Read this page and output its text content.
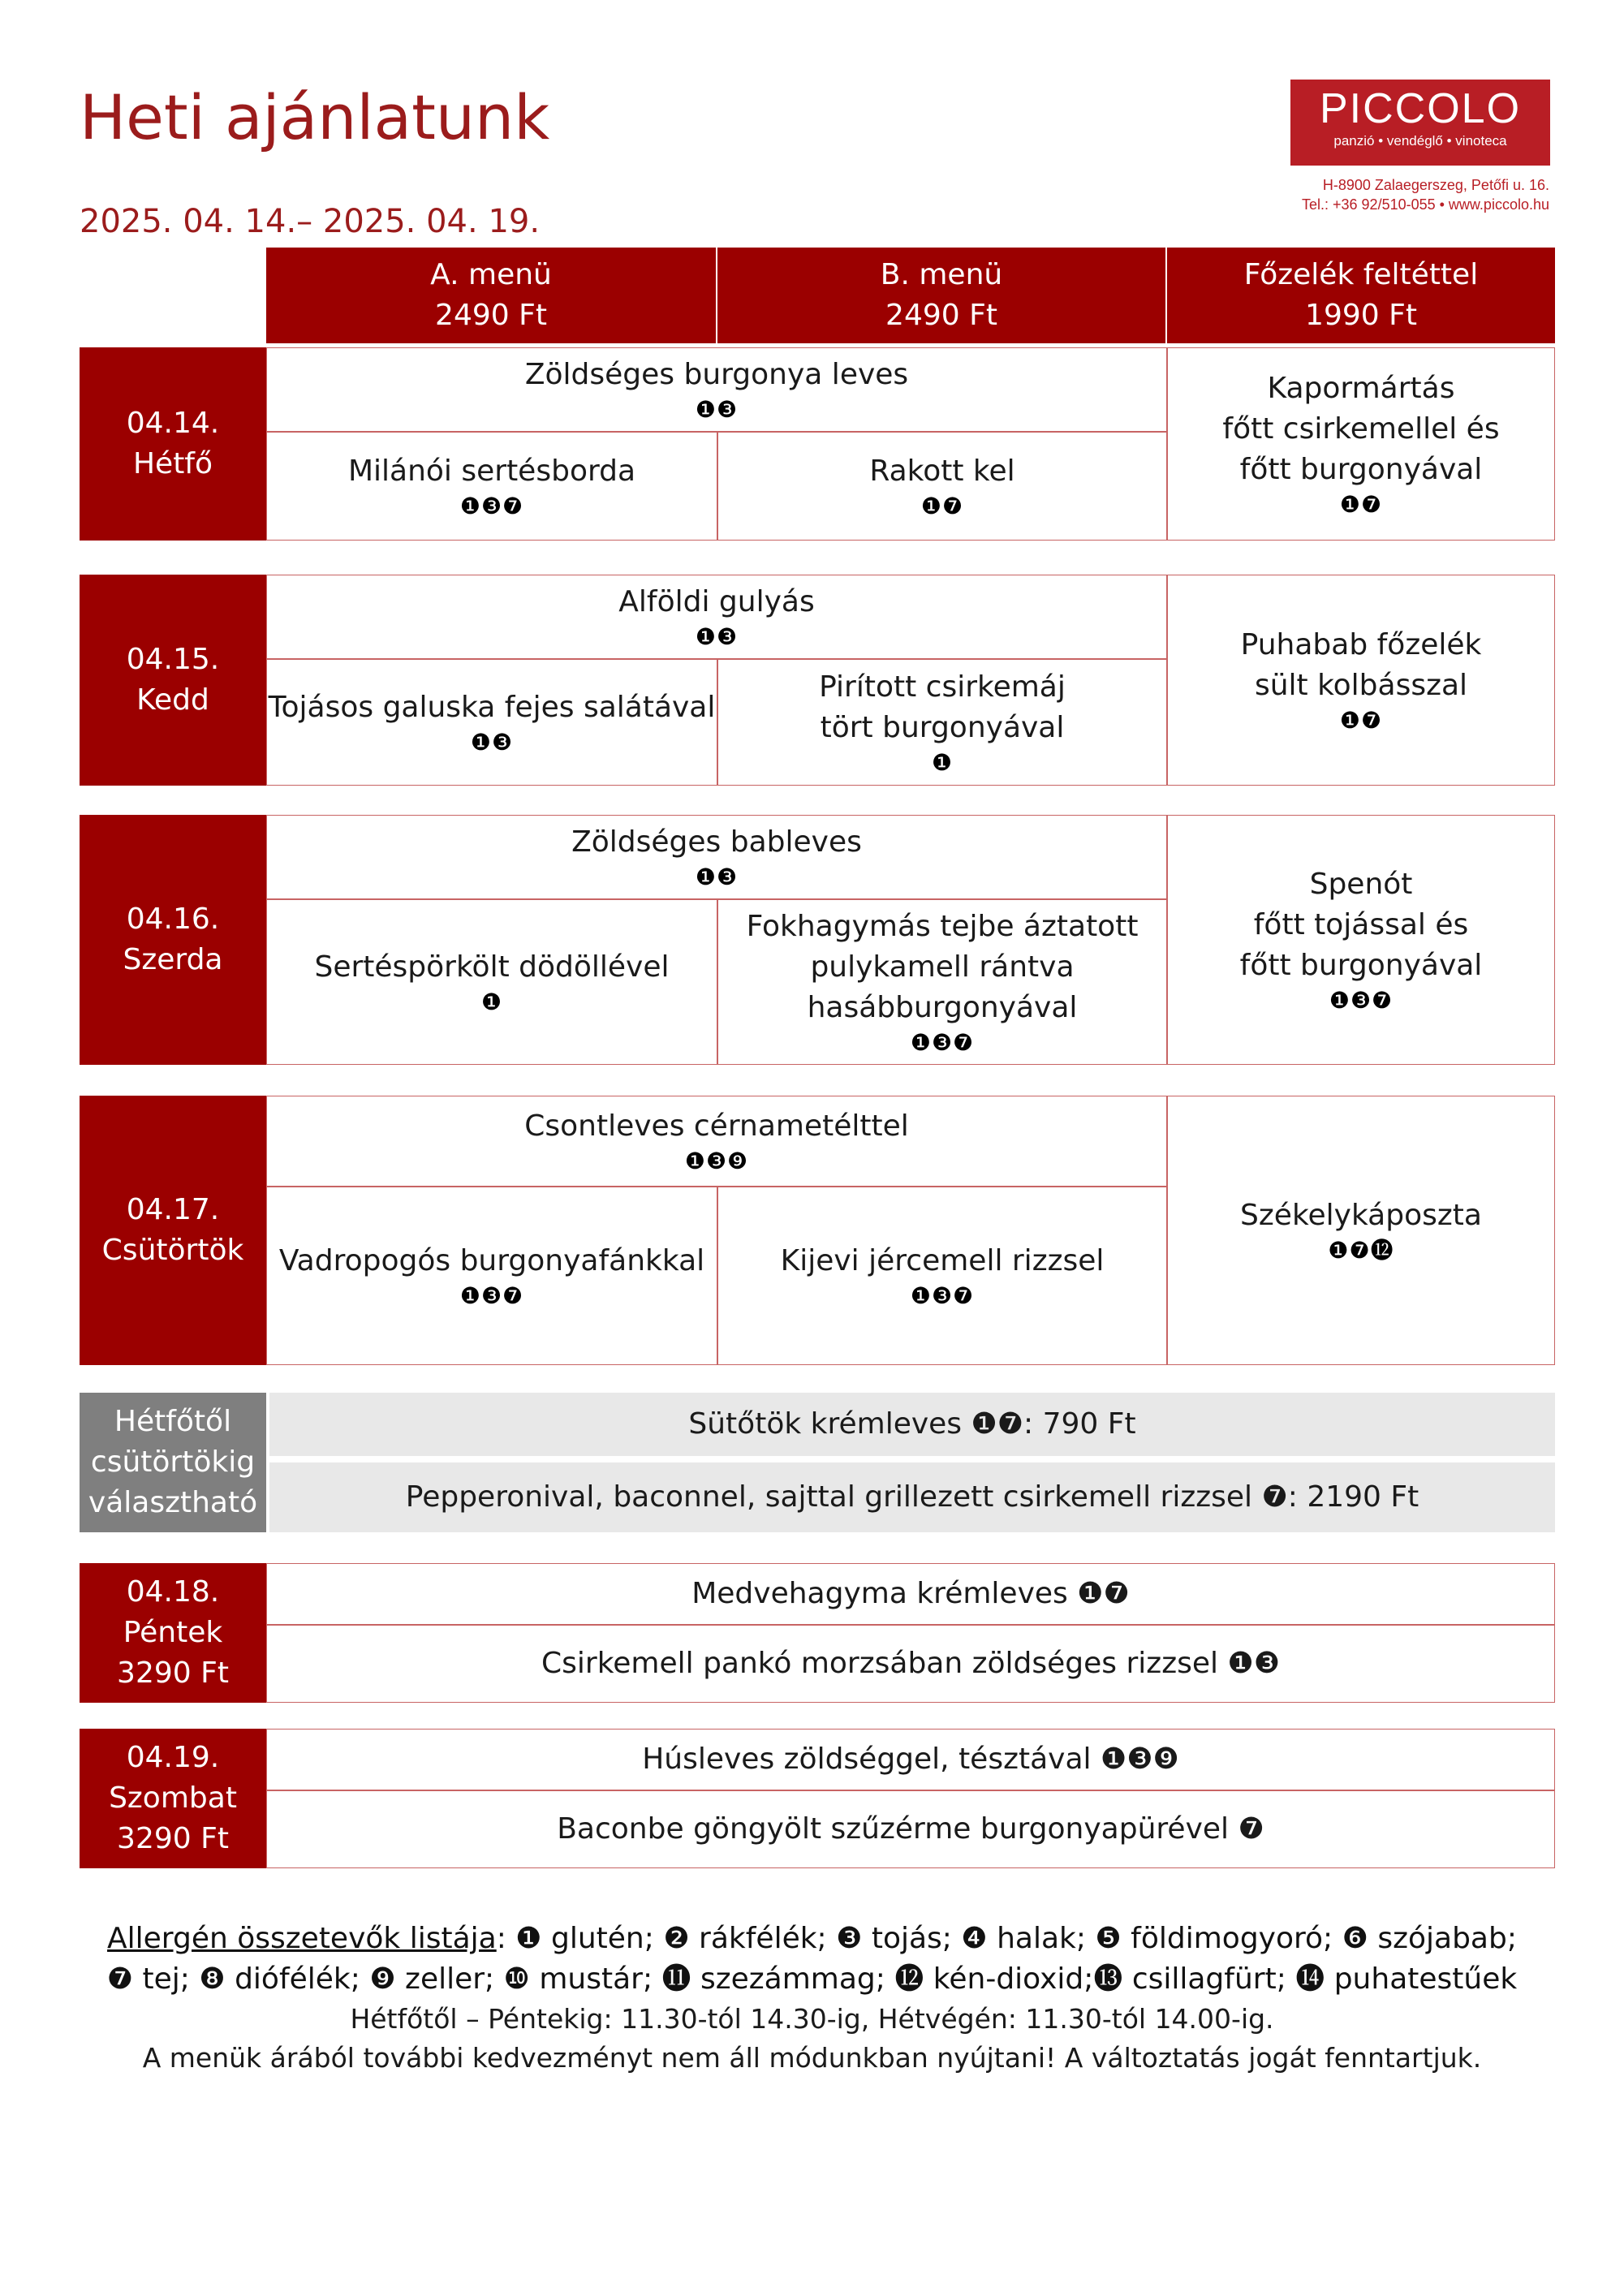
Heti ajánlatunk
2025. 04. 14.– 2025. 04. 19.
PICCOLO
panzió • vendéglő • vinoteca
H-8900 Zalaegerszeg, Petőfi u. 16.
Tel.: +36 92/510-055 • www.piccolo.hu
A. menü
2490 Ft
B. menü
2490 Ft
Főzelék feltéttel
1990 Ft
04.14.
Hétfő
Zöldséges burgonya leves
❶❸
Milánói sertésborda
❶❸❼
Rakott kel
❶❼
Kapormártás
főtt csirkemellel és
főtt burgonyával
❶❼
04.15.
Kedd
Alföldi gulyás
❶❸
Tojásos galuska fejes salátával
❶❸
Pirított csirkemáj
tört burgonyával
❶
Puhabab főzelék
sült kolbásszal
❶❼
04.16.
Szerda
Zöldséges bableves
❶❸
Sertéspörkölt dödöllével
❶
Fokhagymás tejbe áztatott
pulykamell rántva
hasábburgonyával
❶❸❼
Spenót
főtt tojással és
főtt burgonyával
❶❸❼
04.17.
Csütörtök
Csontleves cérnametélttel
❶❸❾
Vadropogós burgonyafánkkal
❶❸❼
Kijevi jércemell rizzsel
❶❸❼
Székelykáposzta
❶❼⓬
Hétfőtől
csütörtökig
választható
Sütőtök krémleves ❶❼: 790 Ft
Pepperonival, baconnel, sajttal grillezett csirkemell rizzsel ❼: 2190 Ft
04.18.
Péntek
3290 Ft
Medvehagyma krémleves ❶❼
Csirkemell pankó morzsában zöldséges rizzsel ❶❸
04.19.
Szombat
3290 Ft
Húsleves zöldséggel, tésztával ❶❸❾
Baconbe göngyölt szűzérme burgonyapürével ❼
Allergén összetevők listája: ❶ glutén; ❷ rákfélék; ❸ tojás; ❹ halak; ❺ földimogyoró; ❻ szójabab;
❼ tej; ❽ diófélék; ❾ zeller; ❿ mustár; ⓫ szezámmag; ⓬ kén-dioxid;⓭ csillagfürt; ⓮ puhatestűek
Hétfőtől – Péntekig: 11.30-tól 14.30-ig, Hétvégén: 11.30-tól 14.00-ig.
A menük árából további kedvezményt nem áll módunkban nyújtani! A változtatás jogát fenntartjuk.
